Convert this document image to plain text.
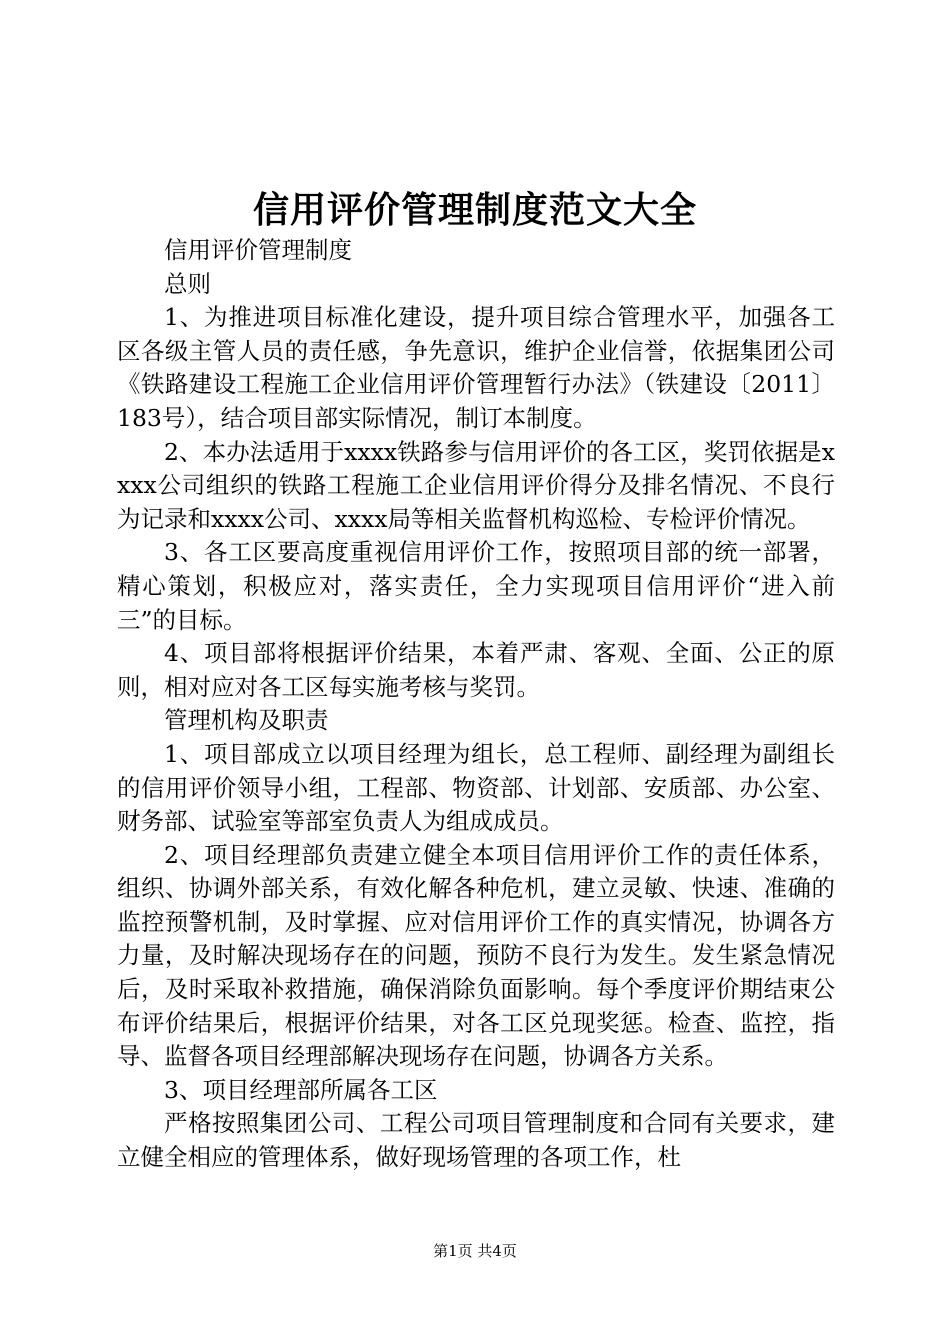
信用评价管理制度范文大全

信用评价管理制度

总则

1、为推进项目标准化建设，提升项目综合管理水平，加强各工区各级主管人员的责任感，争先意识，维护企业信誉，依据集团公司《铁路建设工程施工企业信用评价管理暂行办法》（铁建设〔2011〕183号），结合项目部实际情况，制订本制度。

2、本办法适用于xxxx铁路参与信用评价的各工区，奖罚依据是xxxx公司组织的铁路工程施工企业信用评价得分及排名情况、不良行为记录和xxxx公司、xxxx局等相关监督机构巡检、专检评价情况。

3、各工区要高度重视信用评价工作，按照项目部的统一部署，精心策划，积极应对，落实责任，全力实现项目信用评价“进入前三”的目标。

4、项目部将根据评价结果，本着严肃、客观、全面、公正的原则，相对应对各工区每实施考核与奖罚。

管理机构及职责

1、项目部成立以项目经理为组长，总工程师、副经理为副组长的信用评价领导小组，工程部、物资部、计划部、安质部、办公室、财务部、试验室等部室负责人为组成成员。

2、项目经理部负责建立健全本项目信用评价工作的责任体系，组织、协调外部关系，有效化解各种危机，建立灵敏、快速、准确的监控预警机制，及时掌握、应对信用评价工作的真实情况，协调各方力量，及时解决现场存在的问题，预防不良行为发生。发生紧急情况后，及时采取补救措施，确保消除负面影响。每个季度评价期结束公布评价结果后，根据评价结果，对各工区兑现奖惩。检查、监控，指导、监督各项目经理部解决现场存在问题，协调各方关系。

3、项目经理部所属各工区

严格按照集团公司、工程公司项目管理制度和合同有关要求，建立健全相应的管理体系，做好现场管理的各项工作，杜

第1页 共4页
